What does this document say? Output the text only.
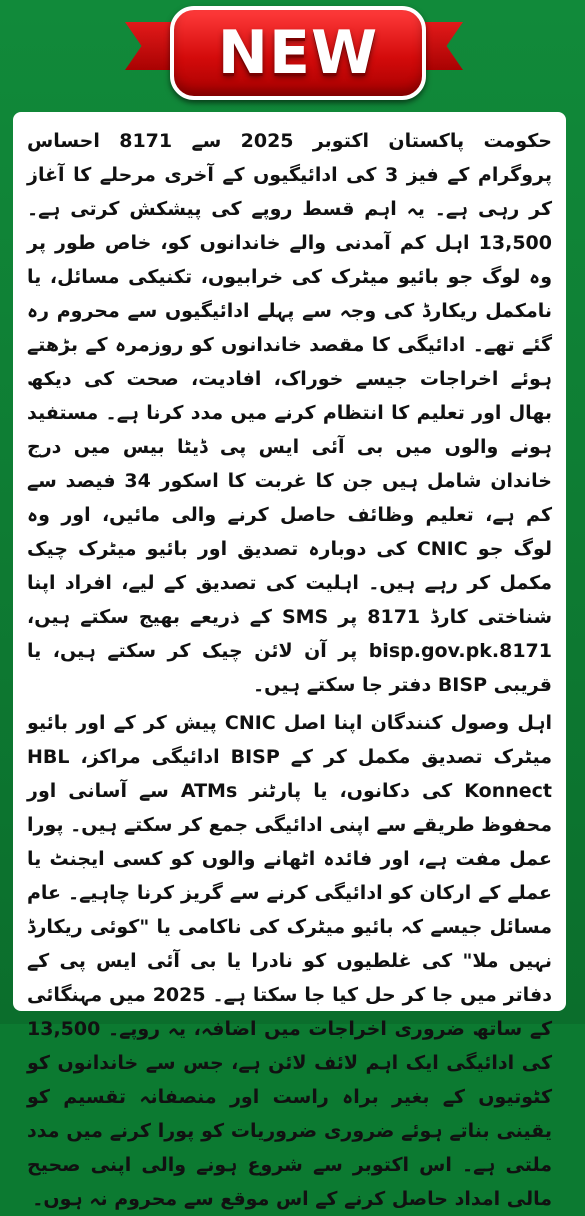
NEW

حکومت پاکستان اکتوبر 2025 سے 8171 احساس پروگرام کے فیز 3 کی ادائیگیوں کے آخری مرحلے کا آغاز کر رہی ہے۔ یہ اہم قسط روپے کی پیشکش کرتی ہے۔ 13,500 اہل کم آمدنی والے خاندانوں کو، خاص طور پر وہ لوگ جو بائیو میٹرک کی خرابیوں، تکنیکی مسائل، یا نامکمل ریکارڈ کی وجہ سے پہلے ادائیگیوں سے محروم رہ گئے تھے۔ ادائیگی کا مقصد خاندانوں کو روزمرہ کے بڑھتے ہوئے اخراجات جیسے خوراک، افادیت، صحت کی دیکھ بھال اور تعلیم کا انتظام کرنے میں مدد کرنا ہے۔ مستفید ہونے والوں میں بی آئی ایس پی ڈیٹا بیس میں درج خاندان شامل ہیں جن کا غربت کا اسکور 34 فیصد سے کم ہے، تعلیم وظائف حاصل کرنے والی مائیں، اور وہ لوگ جو CNIC کی دوبارہ تصدیق اور بائیو میٹرک چیک مکمل کر رہے ہیں۔ اہلیت کی تصدیق کے لیے، افراد اپنا شناختی کارڈ 8171 پر SMS کے ذریعے بھیج سکتے ہیں، 8171.bisp.gov.pk پر آن لائن چیک کر سکتے ہیں، یا قریبی BISP دفتر جا سکتے ہیں۔

اہل وصول کنندگان اپنا اصل CNIC پیش کر کے اور بائیو میٹرک تصدیق مکمل کر کے BISP ادائیگی مراکز، HBL Konnect کی دکانوں، یا پارٹنر ATMs سے آسانی اور محفوظ طریقے سے اپنی ادائیگی جمع کر سکتے ہیں۔ پورا عمل مفت ہے، اور فائدہ اٹھانے والوں کو کسی ایجنٹ یا عملے کے ارکان کو ادائیگی کرنے سے گریز کرنا چاہیے۔ عام مسائل جیسے کہ بائیو میٹرک کی ناکامی یا "کوئی ریکارڈ نہیں ملا" کی غلطیوں کو نادرا یا بی آئی ایس پی کے دفاتر میں جا کر حل کیا جا سکتا ہے۔ 2025 میں مہنگائی کے ساتھ ضروری اخراجات میں اضافہ، یہ روپے۔ 13,500 کی ادائیگی ایک اہم لائف لائن ہے، جس سے خاندانوں کو کٹوتیوں کے بغیر براہ راست اور منصفانہ تقسیم کو یقینی بناتے ہوئے ضروری ضروریات کو پورا کرنے میں مدد ملتی ہے۔ اس اکتوبر سے شروع ہونے والی اپنی صحیح مالی امداد حاصل کرنے کے اس موقع سے محروم نہ ہوں۔
